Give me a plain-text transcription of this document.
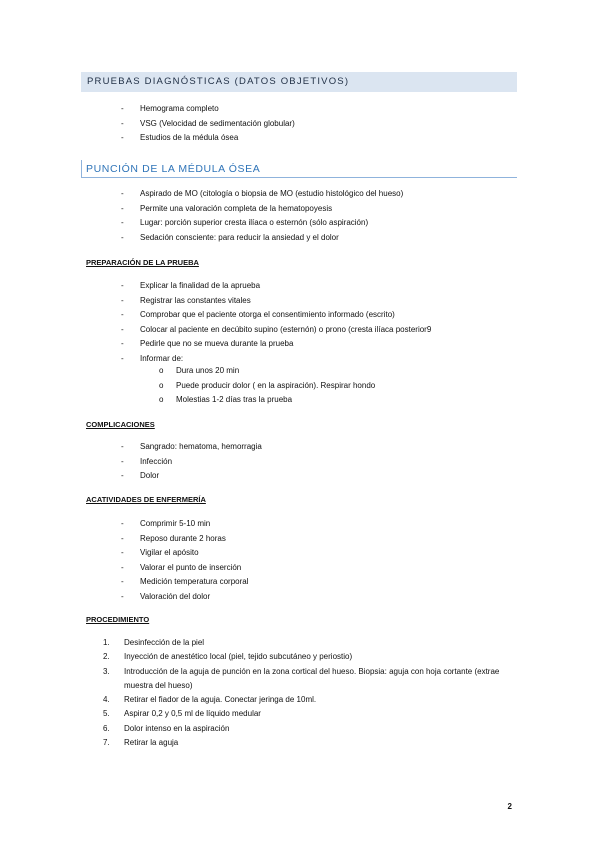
PRUEBAS DIAGNÓSTICAS (DATOS OBJETIVOS)
- Hemograma completo
- VSG (Velocidad de sedimentación globular)
- Estudios de la médula ósea
PUNCIÓN DE LA MÉDULA ÓSEA
- Aspirado de MO (citología o biopsia de MO (estudio histológico del hueso)
- Permite una valoración completa de la hematopoyesis
- Lugar: porción superior cresta ilíaca o esternón (sólo aspiración)
- Sedación consciente: para reducir la ansiedad y el dolor
PREPARACIÓN DE LA PRUEBA
- Explicar la finalidad de la aprueba
- Registrar las constantes vitales
- Comprobar que el paciente otorga el consentimiento informado (escrito)
- Colocar al paciente en decúbito supino (esternón) o prono (cresta ilíaca posterior9
- Pedirle que no se mueva durante la prueba
- Informar de:
o Dura unos 20 min
o Puede producir dolor ( en la aspiración). Respirar hondo
o Molestias 1-2 días tras la prueba
COMPLICACIONES
- Sangrado: hematoma, hemorragia
- Infección
- Dolor
ACATIVIDADES DE ENFERMERÍA
- Comprimir 5-10 min
- Reposo durante 2 horas
- Vigilar el apósito
- Valorar el punto de inserción
- Medición temperatura corporal
- Valoración del dolor
PROCEDIMIENTO
1. Desinfección de la piel
2. Inyección de anestético local (piel, tejido subcutáneo y periostio)
3. Introducción de la aguja de punción en la zona cortical del hueso. Biopsia: aguja con hoja cortante (extrae muestra del hueso)
4. Retirar el fiador de la aguja. Conectar jeringa de 10ml.
5. Aspirar 0,2 y 0,5 ml de líquido medular
6. Dolor intenso en la aspiración
7. Retirar la aguja
2
